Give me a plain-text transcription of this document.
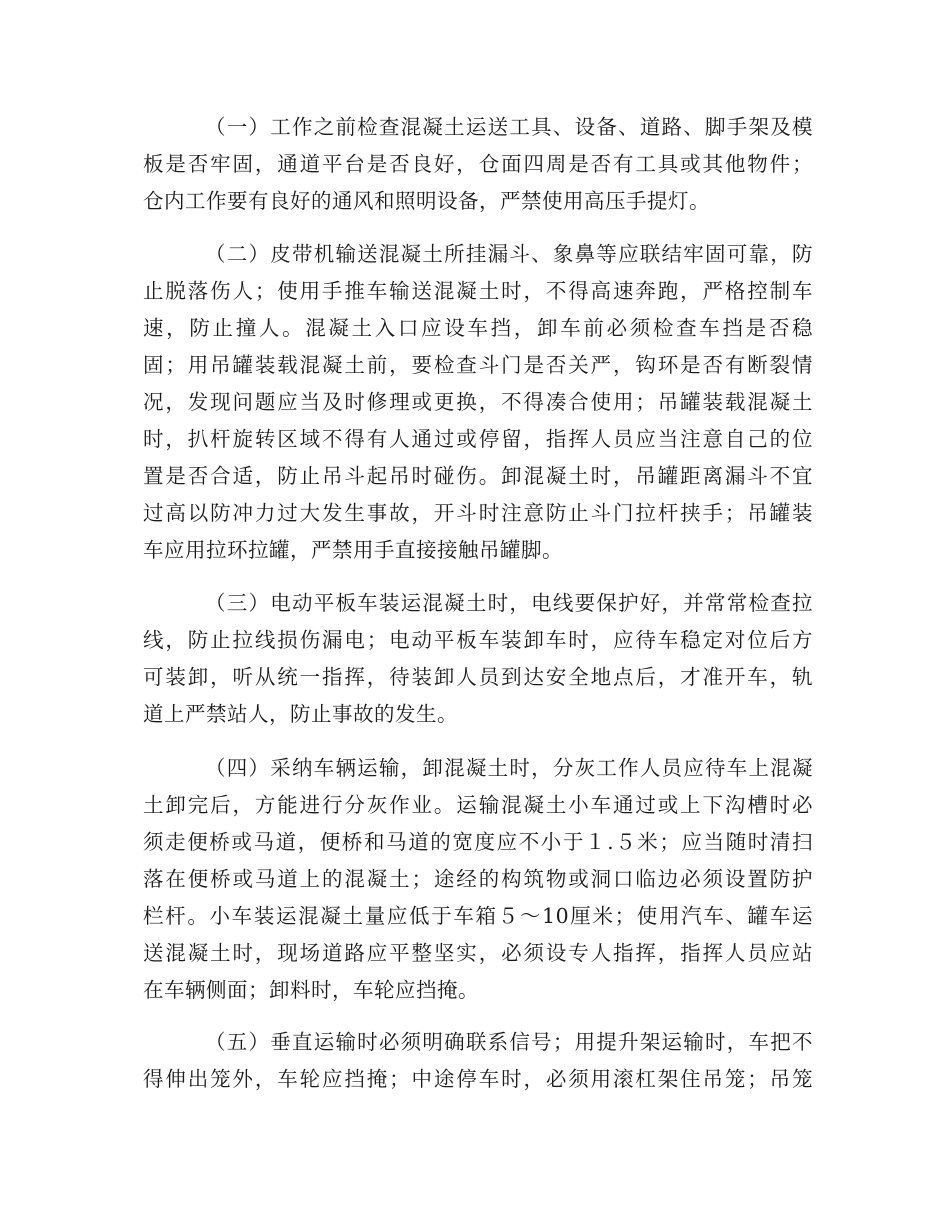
（一）工作之前检查混凝土运送工具、设备、道路、脚手架及模
板是否牢固，通道平台是否良好，仓面四周是否有工具或其他物件；
仓内工作要有良好的通风和照明设备，严禁使用高压手提灯。
（二）皮带机输送混凝土所挂漏斗、象鼻等应联结牢固可靠，防
止脱落伤人；使用手推车输送混凝土时，不得高速奔跑，严格控制车
速，防止撞人。混凝土入口应设车挡，卸车前必须检查车挡是否稳
固；用吊罐装载混凝土前，要检查斗门是否关严，钩环是否有断裂情
况，发现问题应当及时修理或更换，不得凑合使用；吊罐装载混凝土
时，扒杆旋转区域不得有人通过或停留，指挥人员应当注意自己的位
置是否合适，防止吊斗起吊时碰伤。卸混凝土时，吊罐距离漏斗不宜
过高以防冲力过大发生事故，开斗时注意防止斗门拉杆挟手；吊罐装
车应用拉环拉罐，严禁用手直接接触吊罐脚。
（三）电动平板车装运混凝土时，电线要保护好，并常常检查拉
线，防止拉线损伤漏电；电动平板车装卸车时，应待车稳定对位后方
可装卸，听从统一指挥，待装卸人员到达安全地点后，才准开车，轨
道上严禁站人，防止事故的发生。
（四）采纳车辆运输，卸混凝土时，分灰工作人员应待车上混凝
土卸完后，方能进行分灰作业。运输混凝土小车通过或上下沟槽时必
须走便桥或马道，便桥和马道的宽度应不小于１.５米；应当随时清扫
落在便桥或马道上的混凝土；途经的构筑物或洞口临边必须设置防护
栏杆。小车装运混凝土量应低于车箱５～10厘米；使用汽车、罐车运
送混凝土时，现场道路应平整坚实，必须设专人指挥，指挥人员应站
在车辆侧面；卸料时，车轮应挡掩。
（五）垂直运输时必须明确联系信号；用提升架运输时，车把不
得伸出笼外，车轮应挡掩；中途停车时，必须用滚杠架住吊笼；吊笼
